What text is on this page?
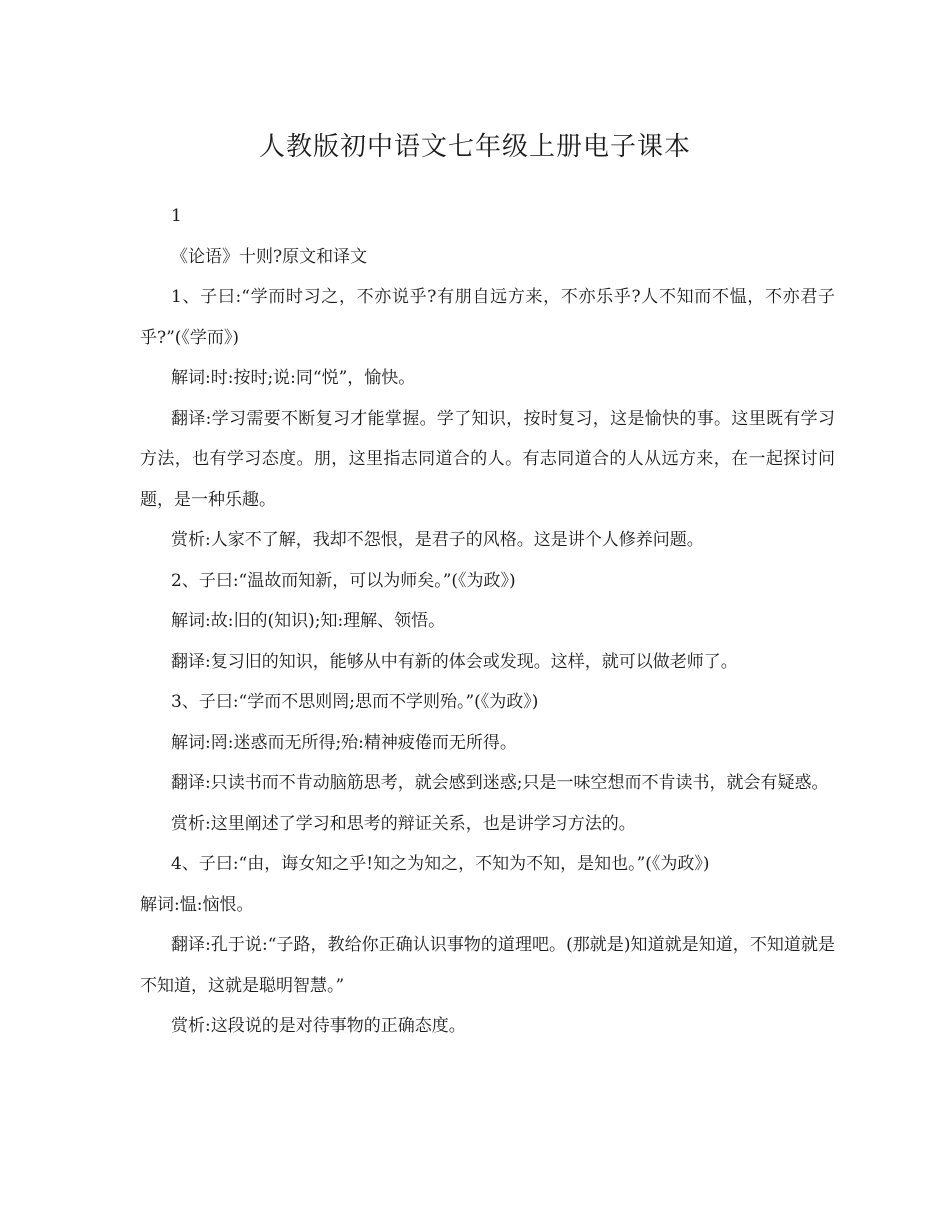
人教版初中语文七年级上册电子课本

1

《论语》十则?原文和译文

1、子曰:“学而时习之，不亦说乎?有朋自远方来，不亦乐乎?人不知而不愠，不亦君子乎?”(《学而》)

解词:时:按时;说:同“悦”，愉快。

翻译:学习需要不断复习才能掌握。学了知识，按时复习，这是愉快的事。这里既有学习方法，也有学习态度。朋，这里指志同道合的人。有志同道合的人从远方来，在一起探讨问题，是一种乐趣。

赏析:人家不了解，我却不怨恨，是君子的风格。这是讲个人修养问题。

2、子曰:“温故而知新，可以为师矣。”(《为政》)

解词:故:旧的(知识);知:理解、领悟。

翻译:复习旧的知识，能够从中有新的体会或发现。这样，就可以做老师了。

3、子曰:“学而不思则罔;思而不学则殆。”(《为政》)

解词:罔:迷惑而无所得;殆:精神疲倦而无所得。

翻译:只读书而不肯动脑筋思考，就会感到迷惑;只是一味空想而不肯读书，就会有疑惑。

赏析:这里阐述了学习和思考的辩证关系，也是讲学习方法的。

4、子曰:“由，诲女知之乎!知之为知之，不知为不知，是知也。”(《为政》)

解词:愠:恼恨。

翻译:孔于说:“子路，教给你正确认识事物的道理吧。(那就是)知道就是知道，不知道就是不知道，这就是聪明智慧。”

赏析:这段说的是对待事物的正确态度。
